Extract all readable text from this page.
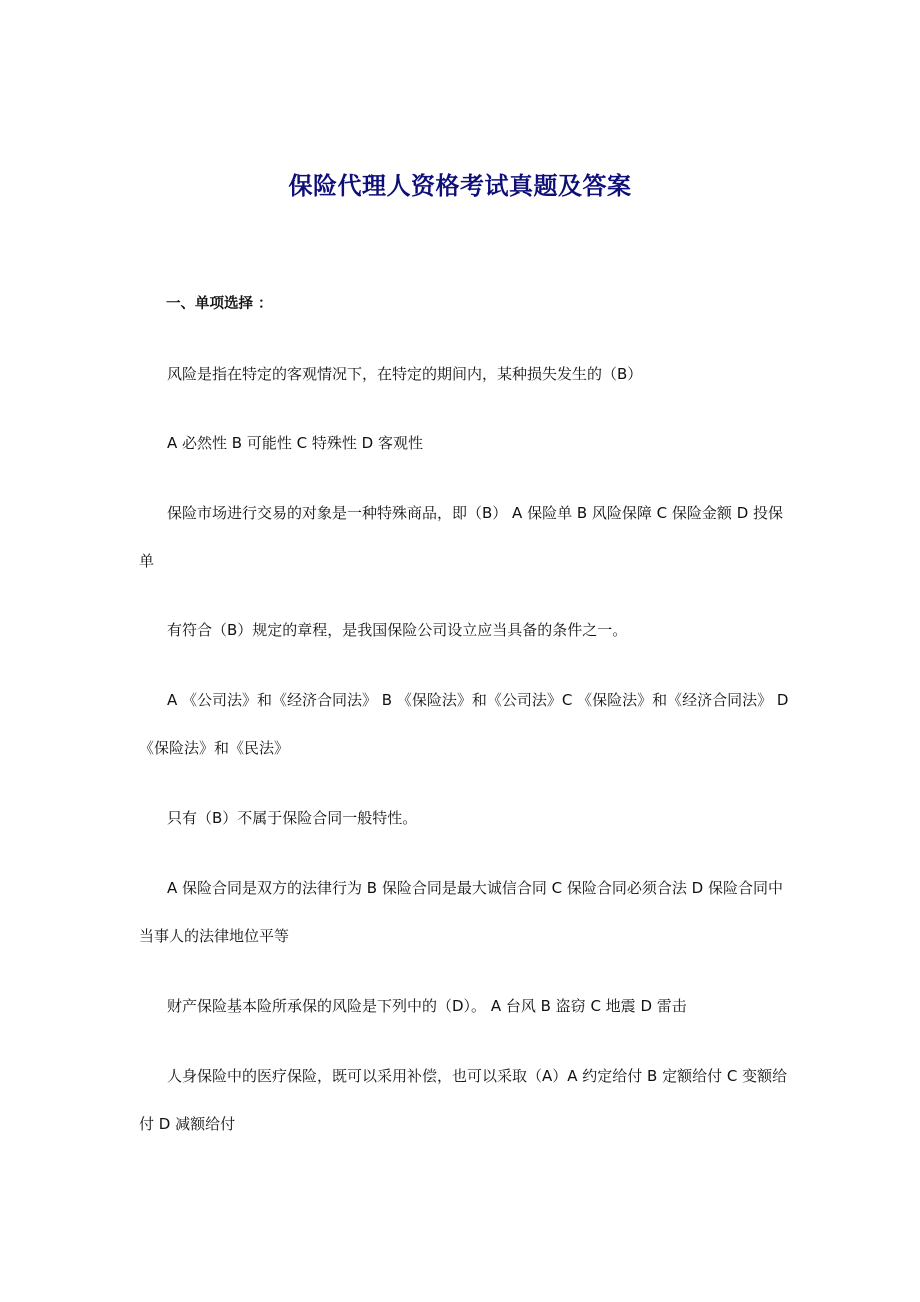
保险代理人资格考试真题及答案
一、单项选择 ：

风险是指在特定的客观情况下，在特定的期间内，某种损失发生的（B）

A 必然性 B 可能性 C 特殊性 D 客观性

保险市场进行交易的对象是一种特殊商品，即（B） A 保险单 B 风险保障 C 保险金额 D 投保单

有符合（B）规定的章程，是我国保险公司设立应当具备的条件之一。

A 《公司法》和《经济合同法》 B 《保险法》和《公司法》C 《保险法》和《经济合同法》 D 《保险法》和《民法》

只有（B）不属于保险合同一般特性。

A 保险合同是双方的法律行为 B 保险合同是最大诚信合同 C 保险合同必须合法 D 保险合同中当事人的法律地位平等

财产保险基本险所承保的风险是下列中的（D）。 A 台风 B 盗窃 C 地震 D 雷击

人身保险中的医疗保险，既可以采用补偿，也可以采取（A）A 约定给付 B 定额给付 C 变额给付 D 减额给付
